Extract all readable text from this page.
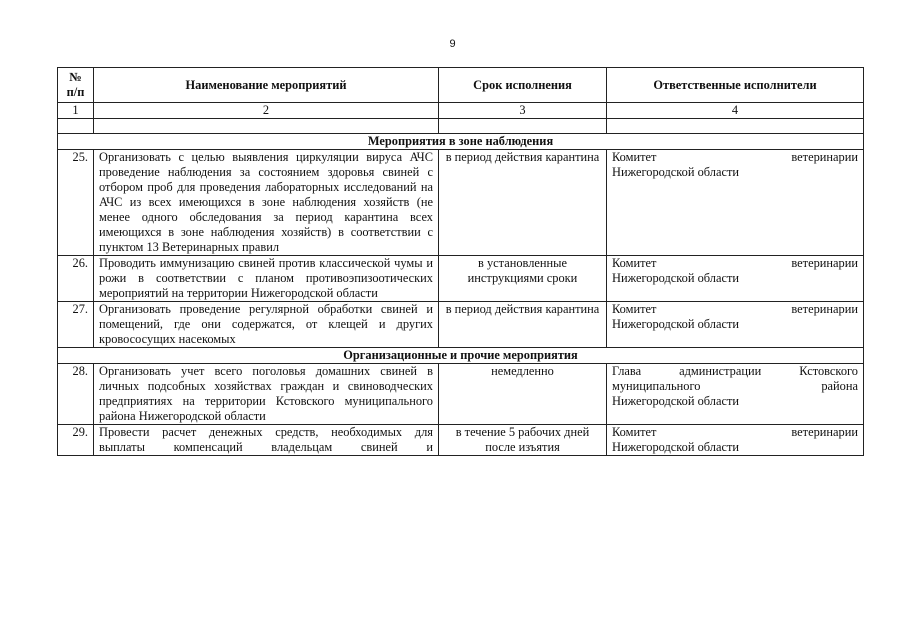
9
№ п/п	Наименование мероприятий	Срок исполнения	Ответственные исполнители
1	2	3	4

Мероприятия в зоне наблюдения			
25.	Организовать с целью выявления циркуляции вируса АЧС проведение наблюдения за состоянием здоровья свиней с отбором проб для проведения лабораторных исследований на АЧС из всех имеющихся в зоне наблюдения хозяйств (не менее одного обследования за период карантина всех имеющихся в зоне наблюдения хозяйств) в соответствии с пунктом 13 Ветеринарных правил	в период действия карантина	Комитет ветеринарии
Нижегородской области
26.	Проводить иммунизацию свиней против классической чумы и рожи в соответствии с планом противоэпизоотических мероприятий на территории Нижегородской области	в установленные инструкциями сроки	Комитет ветеринарии
Нижегородской области
27.	Организовать проведение регулярной обработки свиней и помещений, где они содержатся, от клещей и других кровососущих насекомых	в период действия карантина	Комитет ветеринарии
Нижегородской области
Организационные и прочие мероприятия			
28.	Организовать учет всего поголовья домашних свиней в личных подсобных хозяйствах граждан и свиноводческих предприятиях на территории Кстовского муниципального района Нижегородской области	немедленно	Глава администрации Кстовского
муниципального района
Нижегородской области
29.	Провести расчет денежных средств, необходимых для выплаты компенсаций владельцам свиней и	в течение 5 рабочих дней после изъятия	Комитет ветеринарии
Нижегородской области
